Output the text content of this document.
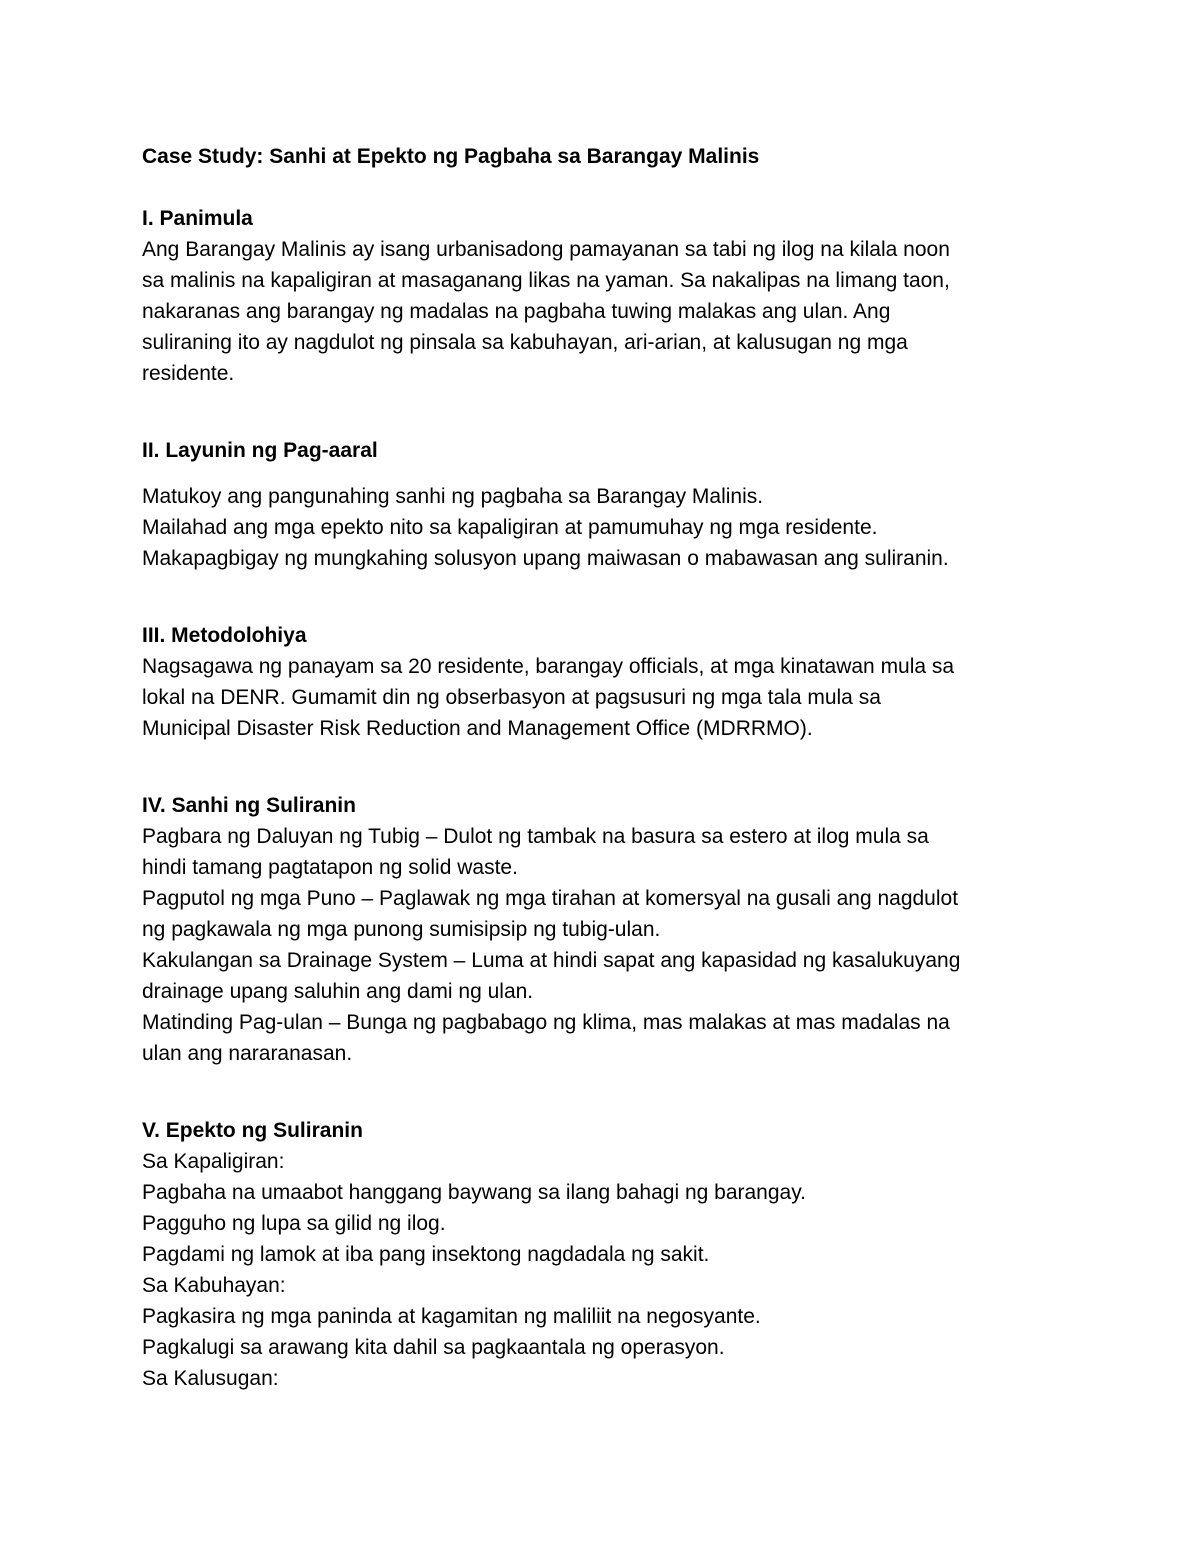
Case Study: Sanhi at Epekto ng Pagbaha sa Barangay Malinis

I. Panimula

Ang Barangay Malinis ay isang urbanisadong pamayanan sa tabi ng ilog na kilala noon

sa malinis na kapaligiran at masaganang likas na yaman. Sa nakalipas na limang taon,

nakaranas ang barangay ng madalas na pagbaha tuwing malakas ang ulan. Ang

suliraning ito ay nagdulot ng pinsala sa kabuhayan, ari-arian, at kalusugan ng mga

residente.

II. Layunin ng Pag-aaral

Matukoy ang pangunahing sanhi ng pagbaha sa Barangay Malinis.

Mailahad ang mga epekto nito sa kapaligiran at pamumuhay ng mga residente.

Makapagbigay ng mungkahing solusyon upang maiwasan o mabawasan ang suliranin.

III. Metodolohiya

Nagsagawa ng panayam sa 20 residente, barangay officials, at mga kinatawan mula sa

lokal na DENR. Gumamit din ng obserbasyon at pagsusuri ng mga tala mula sa

Municipal Disaster Risk Reduction and Management Office (MDRRMO).

IV. Sanhi ng Suliranin

Pagbara ng Daluyan ng Tubig – Dulot ng tambak na basura sa estero at ilog mula sa

hindi tamang pagtatapon ng solid waste.

Pagputol ng mga Puno – Paglawak ng mga tirahan at komersyal na gusali ang nagdulot

ng pagkawala ng mga punong sumisipsip ng tubig-ulan.

Kakulangan sa Drainage System – Luma at hindi sapat ang kapasidad ng kasalukuyang

drainage upang saluhin ang dami ng ulan.

Matinding Pag-ulan – Bunga ng pagbabago ng klima, mas malakas at mas madalas na

ulan ang nararanasan.

V. Epekto ng Suliranin

Sa Kapaligiran:

Pagbaha na umaabot hanggang baywang sa ilang bahagi ng barangay.

Pagguho ng lupa sa gilid ng ilog.

Pagdami ng lamok at iba pang insektong nagdadala ng sakit.

Sa Kabuhayan:

Pagkasira ng mga paninda at kagamitan ng maliliit na negosyante.

Pagkalugi sa arawang kita dahil sa pagkaantala ng operasyon.

Sa Kalusugan:
